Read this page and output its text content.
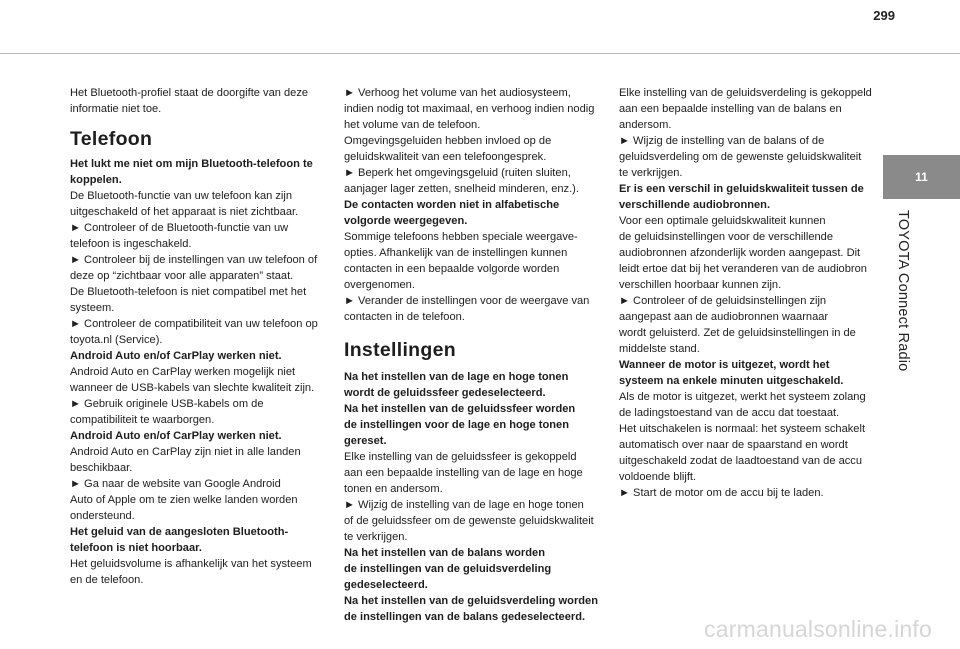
299
11
TOYOTA Connect Radio
Het Bluetooth-profiel staat de doorgifte van deze
informatie niet toe.
Telefoon
Het lukt me niet om mijn Bluetooth-telefoon te
koppelen.
De Bluetooth-functie van uw telefoon kan zijn
uitgeschakeld of het apparaat is niet zichtbaar.
► Controleer of de Bluetooth-functie van uw
telefoon is ingeschakeld.
► Controleer bij de instellingen van uw telefoon of
deze op “zichtbaar voor alle apparaten” staat.
De Bluetooth-telefoon is niet compatibel met het
systeem.
► Controleer de compatibiliteit van uw telefoon op
toyota.nl (Service).
Android Auto en/of CarPlay werken niet.
Android Auto en CarPlay werken mogelijk niet
wanneer de USB-kabels van slechte kwaliteit zijn.
► Gebruik originele USB-kabels om de
compatibiliteit te waarborgen.
Android Auto en/of CarPlay werken niet.
Android Auto en CarPlay zijn niet in alle landen
beschikbaar.
► Ga naar de website van Google Android
Auto of Apple om te zien welke landen worden
ondersteund.
Het geluid van de aangesloten Bluetooth-
telefoon is niet hoorbaar.
Het geluidsvolume is afhankelijk van het systeem
en de telefoon.
► Verhoog het volume van het audiosysteem,
indien nodig tot maximaal, en verhoog indien nodig
het volume van de telefoon.
Omgevingsgeluiden hebben invloed op de
geluidskwaliteit van een telefoongesprek.
► Beperk het omgevingsgeluid (ruiten sluiten,
aanjager lager zetten, snelheid minderen, enz.).
De contacten worden niet in alfabetische
volgorde weergegeven.
Sommige telefoons hebben speciale weergave-
opties. Afhankelijk van de instellingen kunnen
contacten in een bepaalde volgorde worden
overgenomen.
► Verander de instellingen voor de weergave van
contacten in de telefoon.
Instellingen
Na het instellen van de lage en hoge tonen
wordt de geluidssfeer gedeselecteerd.
Na het instellen van de geluidssfeer worden
de instellingen voor de lage en hoge tonen
gereset.
Elke instelling van de geluidssfeer is gekoppeld
aan een bepaalde instelling van de lage en hoge
tonen en andersom.
► Wijzig de instelling van de lage en hoge tonen
of de geluidssfeer om de gewenste geluidskwaliteit
te verkrijgen.
Na het instellen van de balans worden
de instellingen van de geluidsverdeling
gedeselecteerd.
Na het instellen van de geluidsverdeling worden
de instellingen van de balans gedeselecteerd.
Elke instelling van de geluidsverdeling is gekoppeld
aan een bepaalde instelling van de balans en
andersom.
► Wijzig de instelling van de balans of de
geluidsverdeling om de gewenste geluidskwaliteit
te verkrijgen.
Er is een verschil in geluidskwaliteit tussen de
verschillende audiobronnen.
Voor een optimale geluidskwaliteit kunnen
de geluidsinstellingen voor de verschillende
audiobronnen afzonderlijk worden aangepast. Dit
leidt ertoe dat bij het veranderen van de audiobron
verschillen hoorbaar kunnen zijn.
► Controleer of de geluidsinstellingen zijn
aangepast aan de audiobronnen waarnaar
wordt geluisterd. Zet de geluidsinstellingen in de
middelste stand.
Wanneer de motor is uitgezet, wordt het
systeem na enkele minuten uitgeschakeld.
Als de motor is uitgezet, werkt het systeem zolang
de ladingstoestand van de accu dat toestaat.
Het uitschakelen is normaal: het systeem schakelt
automatisch over naar de spaarstand en wordt
uitgeschakeld zodat de laadtoestand van de accu
voldoende blijft.
► Start de motor om de accu bij te laden.
carmanualsonline.info
